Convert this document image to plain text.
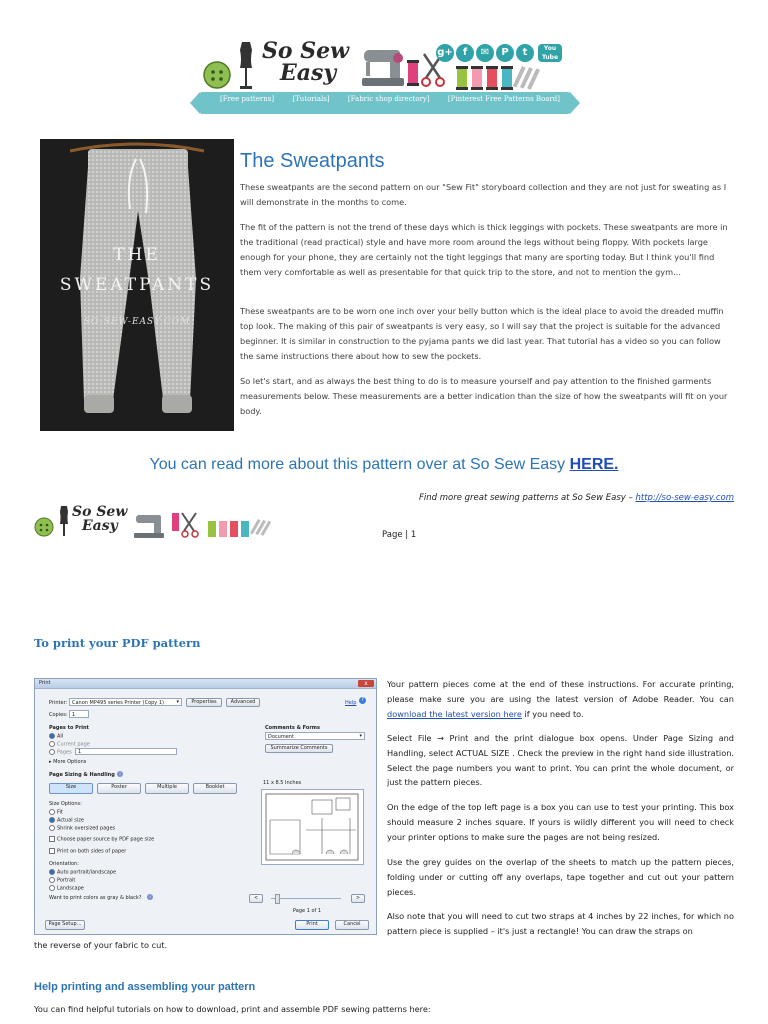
So Sew
Easy
g+	f	✉	P	t	You Tube
[Free patterns]	[Tutorials]	[Fabric shop directory]	[Pinterest Free Patterns Board]
THE
SWEATPANTS
SO-SEW-EASY.COM
The Sweatpants
These sweatpants are the second pattern on our "Sew Fit" storyboard collection and they are not just for sweating as I will demonstrate in the months to come.
The fit of the pattern is not the trend of these days which is thick leggings with pockets. These sweatpants are more in the traditional (read practical) style and have more room around the legs without being floppy. With pockets large enough for your phone, they are certainly not the tight leggings that many are sporting today. But I think you'll find them very comfortable as well as presentable for that quick trip to the store, and not to mention the gym...
These sweatpants are to be worn one inch over your belly button which is the ideal place to avoid the dreaded muffin top look. The making of this pair of sweatpants is very easy, so I will say that the project is suitable for the advanced beginner. It is similar in construction to the pyjama pants we did last year. That tutorial has a video so you can follow the same instructions there about how to sew the pockets.
So let's start, and as always the best thing to do is to measure yourself and pay attention to the finished garments measurements below. These measurements are a better indication than the size of how the sweatpants will fit on your body.
You can read more about this pattern over at So Sew Easy HERE.
Find more great sewing patterns at So Sew Easy – http://so-sew-easy.com
So Sew
Easy
Page | 1
To print your PDF pattern
Print	x
Printer: Canon MP495 series Printer (Copy 1)	▾	Properties	Advanced	Help ?
Copies: 1
Pages to Print
All
Current page
Pages 1
▸ More Options
Page Sizing & Handling	i
Size	Poster	Multiple	Booklet
Size Options:
Fit
Actual size
Shrink oversized pages
Choose paper source by PDF page size
Print on both sides of paper
Orientation:
Auto portrait/landscape
Portrait
Landscape
Want to print colors as gray & black?	i
Comments & Forms
Document	▾
Summarize Comments
11 x 8.5 Inches
<	>
Page 1 of 1
Page Setup...	Print	Cancel
Your pattern pieces come at the end of these instructions. For accurate printing, please make sure you are using the latest version of Adobe Reader. You can download the latest version here if you need to.
Select File → Print and the print dialogue box opens. Under Page Sizing and Handling, select ACTUAL SIZE . Check the preview in the right hand side illustration. Select the page numbers you want to print. You can print the whole document, or just the pattern pieces.
On the edge of the top left page is a box you can use to test your printing. This box should measure 2 inches square. If yours is wildly different you will need to check your printer options to make sure the pages are not being resized.
Use the grey guides on the overlap of the sheets to match up the pattern pieces, folding under or cutting off any overlaps, tape together and cut out your pattern pieces.
Also note that you will need to cut two straps at 4 inches by 22 inches, for which no pattern piece is supplied – it's just a rectangle! You can draw the straps on
the reverse of your fabric to cut.
Help printing and assembling your pattern
You can find helpful tutorials on how to download, print and assemble PDF sewing patterns here:
